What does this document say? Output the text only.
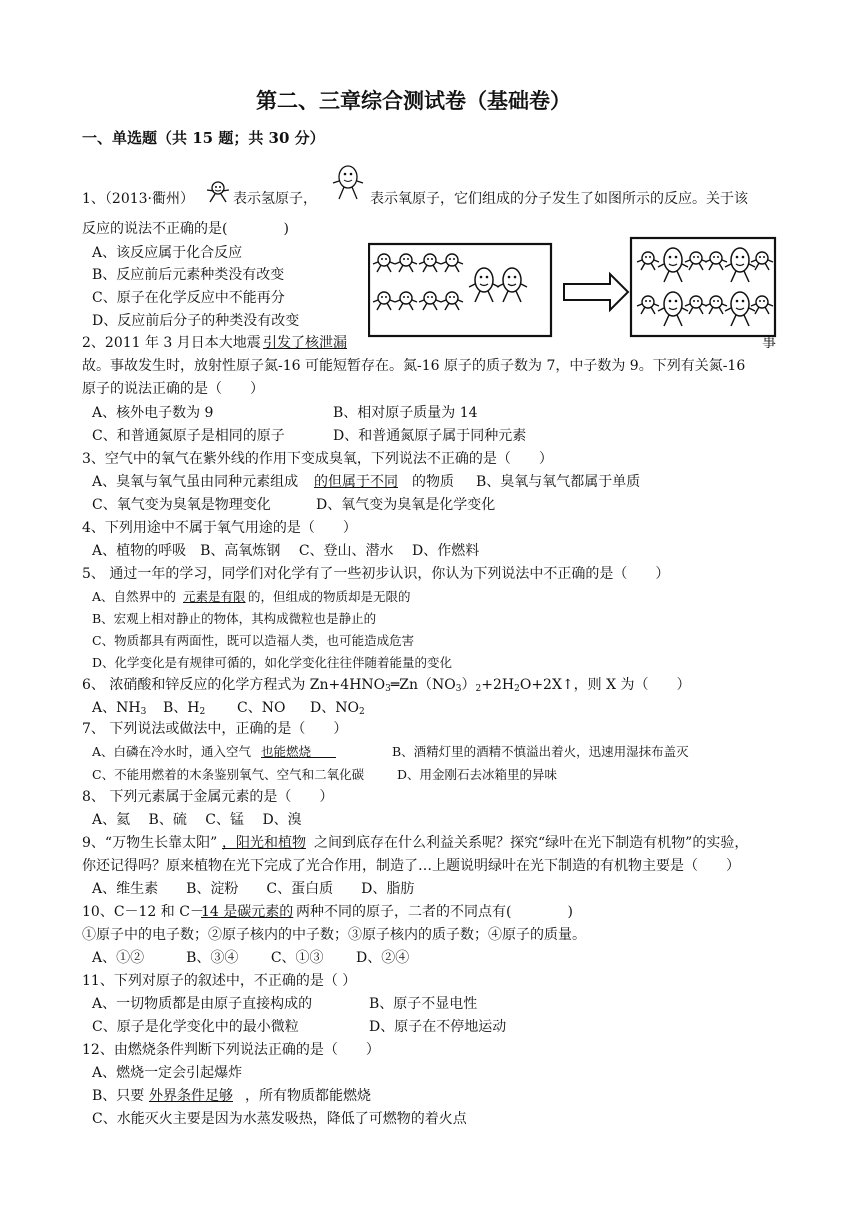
第二、三章综合测试卷（基础卷）
一、单选题（共 15 题；共 30 分）
1、（2013·衢州）	表示氢原子，	表示氧原子，它们组成的分子发生了如图所示的反应。关于该
反应的说法不正确的是(　　　　)
A、该反应属于化合反应
B、反应前后元素种类没有改变
C、原子在化学反应中不能再分
D、反应前后分子的种类没有改变
2、2011 年 3 月日本大地震 引发了核泄漏	事
故。事故发生时，放射性原子氮-16 可能短暂存在。氮-16 原子的质子数为 7，中子数为 9。下列有关氮-16
原子的说法正确的是（　　）
A、核外电子数为 9	B、相对原子质量为 14
C、和普通氮原子是相同的原子	D、和普通氮原子属于同种元素
3、空气中的氧气在紫外线的作用下变成臭氧，下列说法不正确的是（　　）
A、臭氧与氧气虽由同种元素组成 的但属于不同 的物质 B、臭氧与氧气都属于单质
C、氧气变为臭氧是物理变化	D、氧气变为臭氧是化学变化
4、下列用途中不属于氧气用途的是（　　）
A、植物的呼吸　B、高氧炼钢　 C、登山、潜水　 D、作燃料
5、 通过一年的学习，同学们对化学有了一些初步认识，你认为下列说法中不正确的是（　　）
A、自然界中的 元素是有限 的，但组成的物质却是无限的
B、宏观上相对静止的物体，其构成微粒也是静止的
C、物质都具有两面性，既可以造福人类，也可能造成危害
D、化学变化是有规律可循的，如化学变化往往伴随着能量的变化
6、 浓硝酸和锌反应的化学方程式为 $Zn+4HNO_3═Zn(NO_3)_2+2H_2O+2X↑$，则 X 为（　　）
A、$NH_3$ B、$H_2$ C、NO D、$NO_2$
7、 下列说法或做法中，正确的是（　　）
A、白磷在冷水时，通入空气 也能燃烧　　	B、酒精灯里的酒精不慎溢出着火，迅速用湿抹布盖灭
C、不能用燃着的木条鉴别氧气、空气和二氧化碳	D、用金刚石去冰箱里的异味
8、 下列元素属于金属元素的是（　　）
A、氦　 B、硫　 C、锰　 D、溴
9、“万物生长靠太阳” ，阳光和植物 之间到底存在什么利益关系呢？探究“绿叶在光下制造有机物”的实验，
你还记得吗？原来植物在光下完成了光合作用，制造了…上题说明绿叶在光下制造的有机物主要是（　　）
A、维生素　　B、淀粉　　C、蛋白质　　D、脂肪
10、C－12 和 C－
14 是碳元素的 两种不同的原子，二者的不同点有(　　　　)
①原子中的电子数；②原子核内的中子数；③原子核内的质子数；④原子的质量。
A、①②　　　B、③④　　 C、①③　　 D、②④
11、下列对原子的叙述中，不正确的是（ ）
A、一切物质都是由原子直接构成的	B、原子不显电性
C、原子是化学变化中的最小微粒	D、原子在不停地运动
12、由燃烧条件判断下列说法正确的是（　　）
A、燃烧一定会引起爆炸
B、只要 外界条件足够 ，所有物质都能燃烧
C、水能灭火主要是因为水蒸发吸热，降低了可燃物的着火点
